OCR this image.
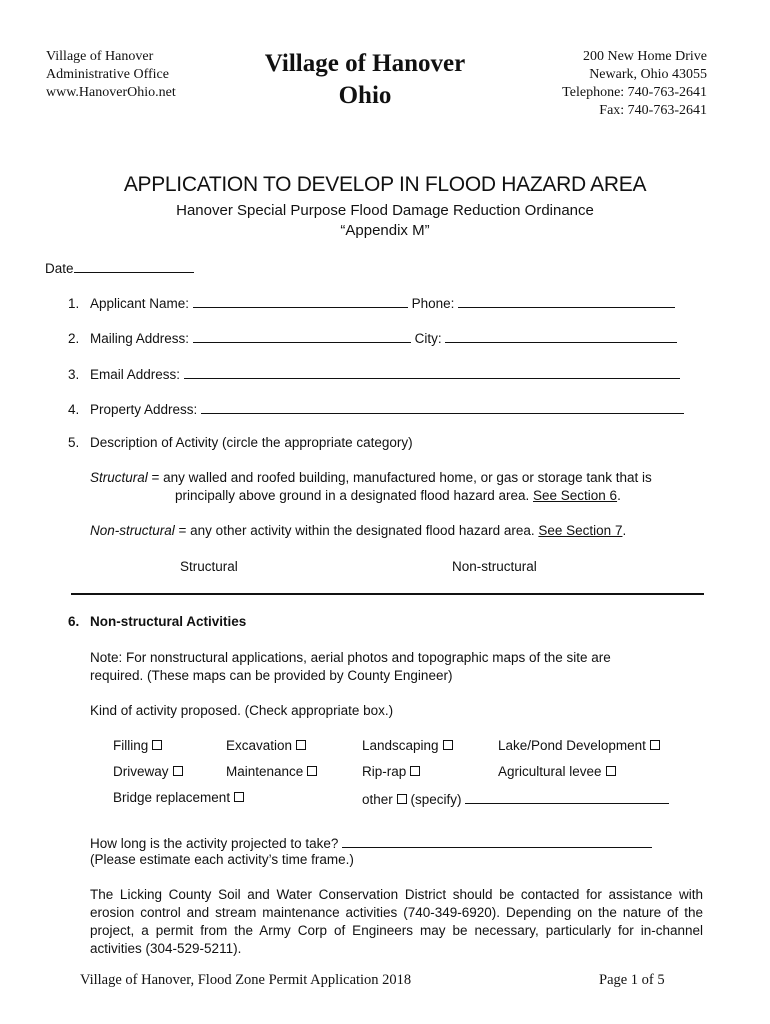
Village of Hanover
Administrative Office
www.HanoverOhio.net
Village of Hanover
Ohio
200 New Home Drive
Newark, Ohio 43055
Telephone: 740-763-2641
Fax: 740-763-2641
APPLICATION TO DEVELOP IN FLOOD HAZARD AREA
Hanover Special Purpose Flood Damage Reduction Ordinance
“Appendix M”
Date
1. Applicant Name:	Phone:
2. Mailing Address:	City:
3. Email Address:
4. Property Address:
5. Description of Activity (circle the appropriate category)
Structural = any walled and roofed building, manufactured home, or gas or storage tank that is
principally above ground in a designated flood hazard area. See Section 6.
Non-structural = any other activity within the designated flood hazard area. See Section 7.
Structural	Non-structural
6. Non-structural Activities
Note: For nonstructural applications, aerial photos and topographic maps of the site are required. (These maps can be provided by County Engineer)
Kind of activity proposed. (Check appropriate box.)
Filling	Excavation	Landscaping	Lake/Pond Development
Driveway	Maintenance	Rip-rap	Agricultural levee
Bridge replacement	other (specify)
How long is the activity projected to take?
(Please estimate each activity’s time frame.)
The Licking County Soil and Water Conservation District should be contacted for assistance with erosion control and stream maintenance activities (740-349-6920). Depending on the nature of the project, a permit from the Army Corp of Engineers may be necessary, particularly for in-channel activities (304-529-5211).
Village of Hanover, Flood Zone Permit Application 2018	Page 1 of 5
